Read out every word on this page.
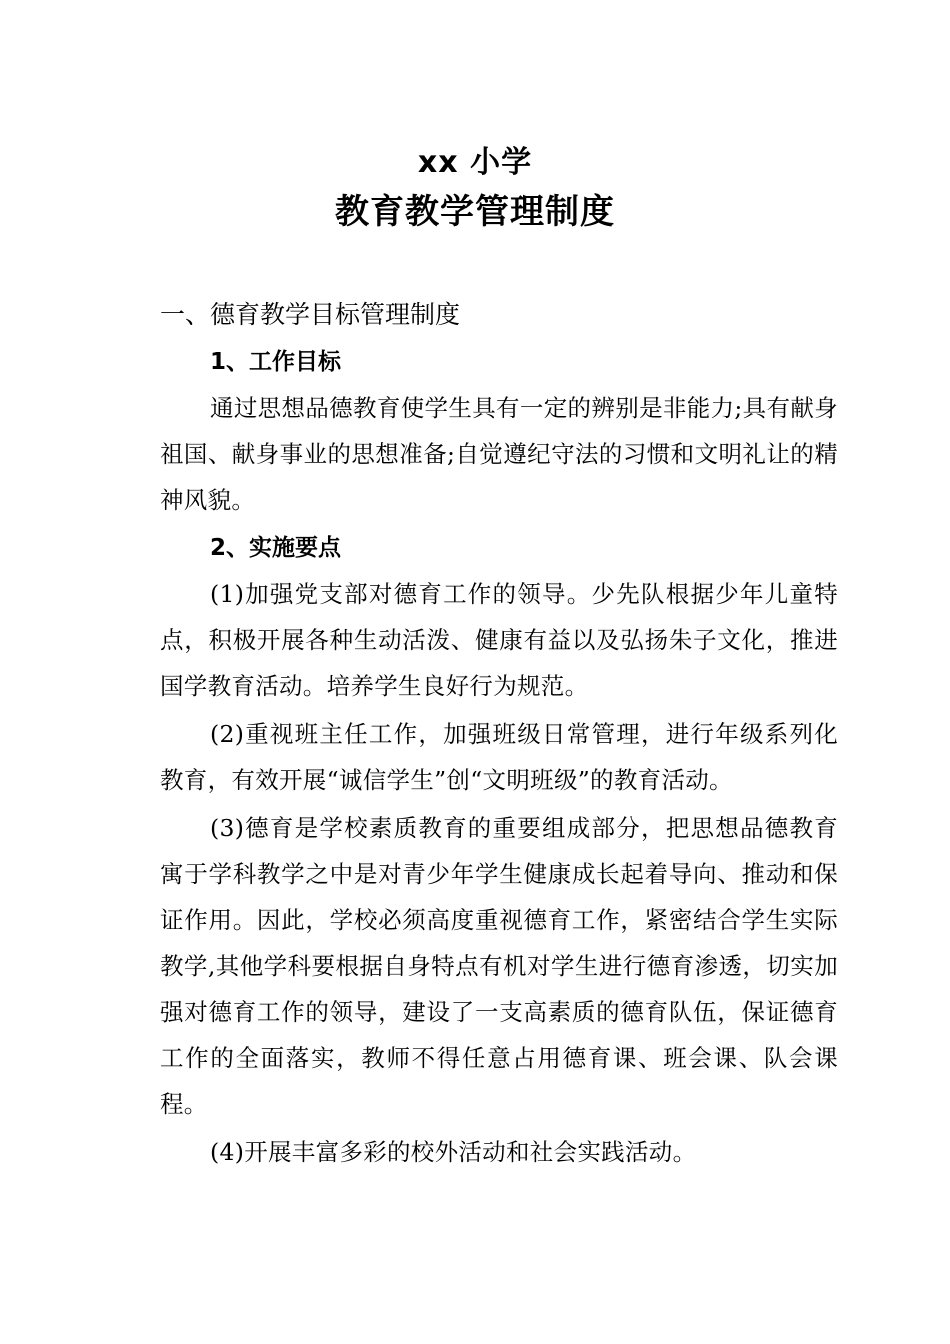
xx 小学
教育教学管理制度
一、德育教学目标管理制度
1、工作目标

通过思想品德教育使学生具有一定的辨别是非能力;具有献身祖国、献身事业的思想准备;自觉遵纪守法的习惯和文明礼让的精神风貌。

2、实施要点

(1)加强党支部对德育工作的领导。少先队根据少年儿童特点，积极开展各种生动活泼、健康有益以及弘扬朱子文化，推进国学教育活动。培养学生良好行为规范。

(2)重视班主任工作，加强班级日常管理，进行年级系列化教育，有效开展“诚信学生”创“文明班级”的教育活动。

(3)德育是学校素质教育的重要组成部分，把思想品德教育寓于学科教学之中是对青少年学生健康成长起着导向、推动和保证作用。因此，学校必须高度重视德育工作，紧密结合学生实际教学,其他学科要根据自身特点有机对学生进行德育渗透，切实加强对德育工作的领导，建设了一支高素质的德育队伍，保证德育工作的全面落实，教师不得任意占用德育课、班会课、队会课程。

(4)开展丰富多彩的校外活动和社会实践活动。
